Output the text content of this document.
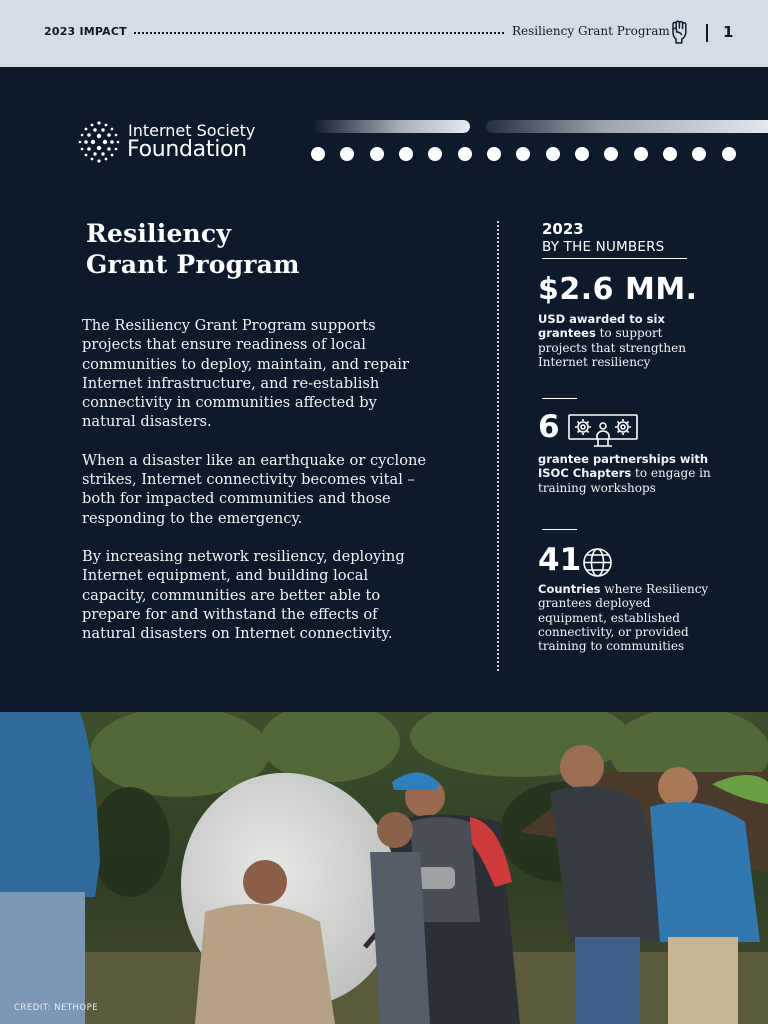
2023 IMPACT	Resiliency Grant Program	1
Internet Society
Foundation
Resiliency
Grant Program

The Resiliency Grant Program supports projects that ensure readiness of local communities to deploy, maintain, and repair Internet infrastructure, and re-establish connectivity in communities affected by natural disasters.

When a disaster like an earthquake or cyclone strikes, Internet connectivity becomes vital – both for impacted communities and those responding to the emergency.

By increasing network resiliency, deploying Internet equipment, and building local capacity, communities are better able to prepare for and withstand the effects of natural disasters on Internet connectivity.

2023
BY THE NUMBERS
$2.6 MM.
USD awarded to six grantees to support projects that strengthen Internet resiliency
6
grantee partnerships with ISOC Chapters to engage in training workshops
41
Countries where Resiliency grantees deployed equipment, established connectivity, or provided training to communities
CREDIT: NETHOPE
